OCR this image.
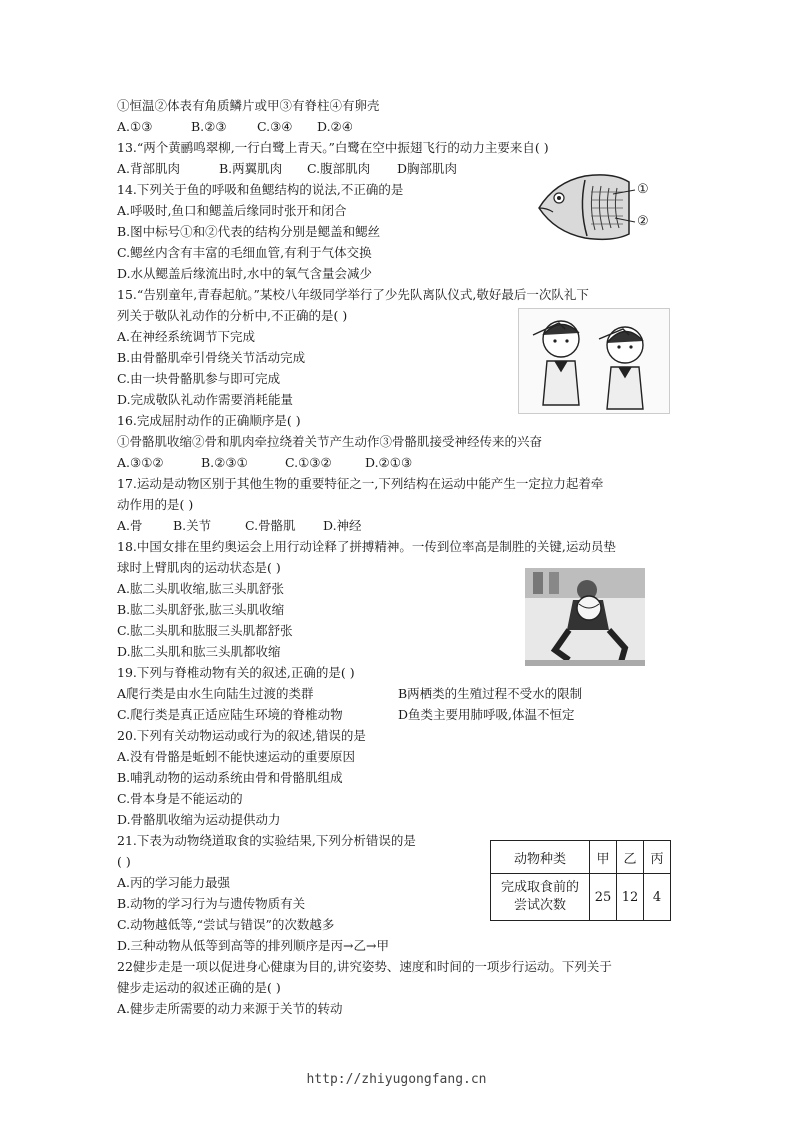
①恒温②体表有角质鳞片或甲③有脊柱④有卵壳
A.①③	B.②③ C.③④ D.②④
13.“两个黄鹂鸣翠柳,一行白鹭上青天。”白鹭在空中振翅飞行的动力主要来自( )
A.背部肌肉	B.两翼肌肉 C.腹部肌肉 D胸部肌肉
14.下列关于鱼的呼吸和鱼鳃结构的说法,不正确的是
A.呼吸时,鱼口和鳃盖后缘同时张开和闭合
B.图中标号①和②代表的结构分别是鳃盖和鳃丝
C.鳃丝内含有丰富的毛细血管,有利于气体交换
D.水从鳃盖后缘流出时,水中的氧气含量会减少
15.“告别童年,青春起航。”某校八年级同学举行了少先队离队仪式,敬好最后一次队礼下
列关于敬队礼动作的分析中,不正确的是( )
A.在神经系统调节下完成
B.由骨骼肌牵引骨绕关节活动完成
C.由一块骨骼肌参与即可完成
D.完成敬队礼动作需要消耗能量
16.完成屈肘动作的正确顺序是( )
①骨骼肌收缩②骨和肌肉牵拉绕着关节产生动作③骨骼肌接受神经传来的兴奋
A.③①②	B.②③①	C.①③②	D.②①③
17.运动是动物区别于其他生物的重要特征之一,下列结构在运动中能产生一定拉力起着牵
动作用的是( )
A.骨 B.关节	C.骨骼肌 D.神经
18.中国女排在里约奥运会上用行动诠释了拼搏精神。一传到位率高是制胜的关键,运动员垫
球时上臂肌肉的运动状态是( )
A.肱二头肌收缩,肱三头肌舒张
B.肱二头肌舒张,肱三头肌收缩
C.肱二头肌和肱服三头肌都舒张
D.肱二头肌和肱三头肌都收缩
19.下列与脊椎动物有关的叙述,正确的是( )
A爬行类是由水生向陆生过渡的类群	B两栖类的生殖过程不受水的限制
C.爬行类是真正适应陆生环境的脊椎动物	D鱼类主要用肺呼吸,体温不恒定
20.下列有关动物运动或行为的叙述,错误的是
A.没有骨骼是蚯蚓不能快速运动的重要原因
B.哺乳动物的运动系统由骨和骨骼肌组成
C.骨本身是不能运动的
D.骨骼肌收缩为运动提供动力
21.下表为动物绕道取食的实验结果,下列分析错误的是
( )
A.丙的学习能力最强
B.动物的学习行为与遗传物质有关
C.动物越低等,“尝试与错误”的次数越多
D.三种动物从低等到高等的排列顺序是丙→乙→甲
22健步走是一项以促进身心健康为目的,讲究姿势、速度和时间的一项步行运动。下列关于
健步走运动的叙述正确的是( )
A.健步走所需要的动力来源于关节的转动
①
②
动物种类	甲	乙	丙

完成取食前的
尝试次数	25	12	4
http://zhiyugongfang.cn
